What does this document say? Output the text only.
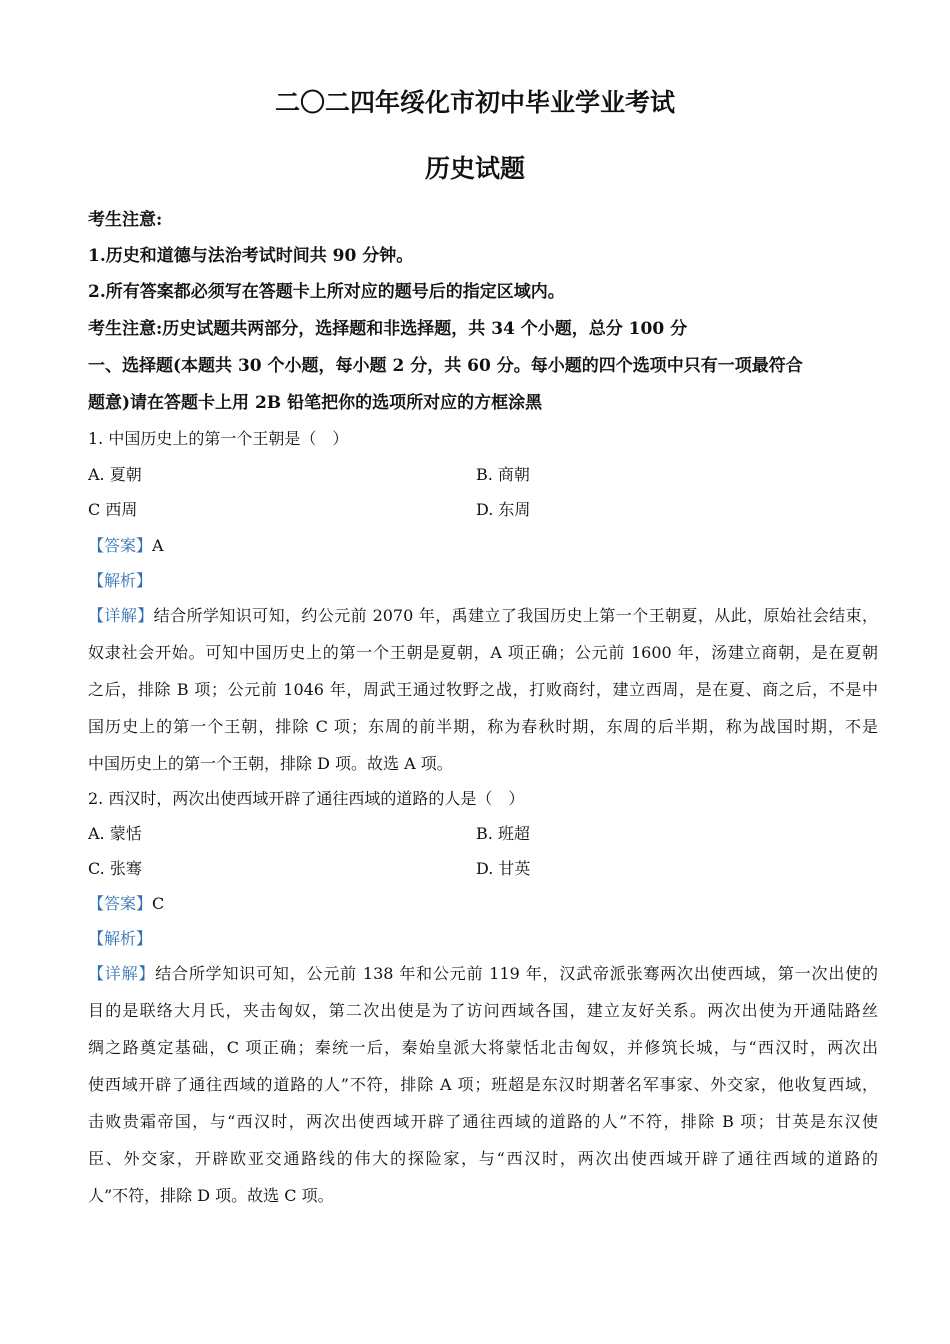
二〇二四年绥化市初中毕业学业考试
历史试题
考生注意:
1.历史和道德与法治考试时间共 90 分钟。
2.所有答案都必须写在答题卡上所对应的题号后的指定区域内。
考生注意:历史试题共两部分，选择题和非选择题，共 34 个小题，总分 100 分
一、选择题(本题共 30 个小题，每小题 2 分，共 60 分。每小题的四个选项中只有一项最符合
题意)请在答题卡上用 2B 铅笔把你的选项所对应的方框涂黑
1. 中国历史上的第一个王朝是（　）
A. 夏朝	B. 商朝
C 西周	D. 东周
【答案】A
【解析】
【详解】结合所学知识可知，约公元前 2070 年，禹建立了我国历史上第一个王朝夏，从此，原始社会结束，
奴隶社会开始。可知中国历史上的第一个王朝是夏朝，A 项正确；公元前 1600 年，汤建立商朝，是在夏朝
之后，排除 B 项；公元前 1046 年，周武王通过牧野之战，打败商纣，建立西周，是在夏、商之后，不是中
国历史上的第一个王朝，排除 C 项；东周的前半期，称为春秋时期，东周的后半期，称为战国时期，不是
中国历史上的第一个王朝，排除 D 项。故选 A 项。
2. 西汉时，两次出使西域开辟了通往西域的道路的人是（　）
A. 蒙恬	B. 班超
C. 张骞	D. 甘英
【答案】C
【解析】
【详解】结合所学知识可知，公元前 138 年和公元前 119 年，汉武帝派张骞两次出使西域，第一次出使的
目的是联络大月氏，夹击匈奴，第二次出使是为了访问西域各国，建立友好关系。两次出使为开通陆路丝
绸之路奠定基础，C 项正确；秦统一后，秦始皇派大将蒙恬北击匈奴，并修筑长城，与“西汉时，两次出
使西域开辟了通往西域的道路的人”不符，排除 A 项；班超是东汉时期著名军事家、外交家，他收复西域，
击败贵霜帝国，与“西汉时，两次出使西域开辟了通往西域的道路的人”不符，排除 B 项；甘英是东汉使
臣、外交家，开辟欧亚交通路线的伟大的探险家，与“西汉时，两次出使西域开辟了通往西域的道路的
人”不符，排除 D 项。故选 C 项。
